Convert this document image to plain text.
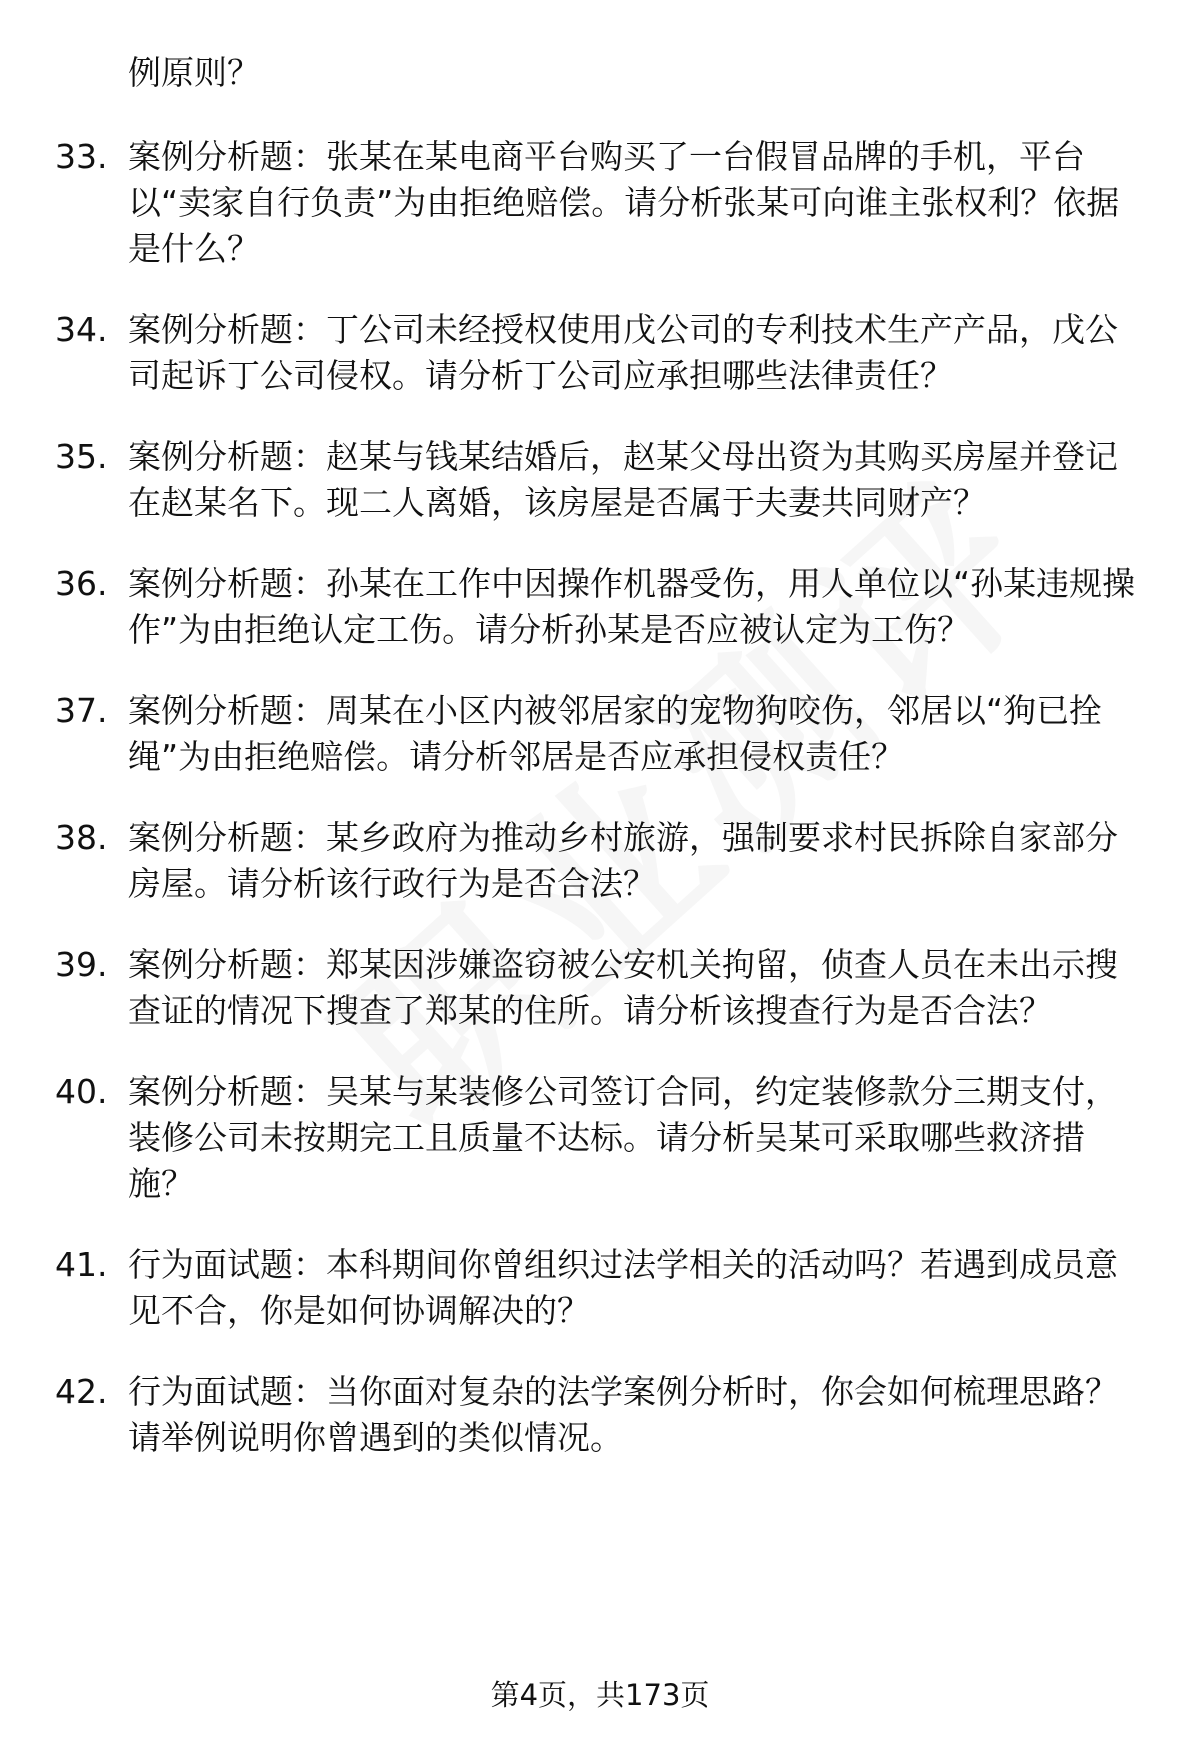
例原则？
33. 案例分析题：张某在某电商平台购买了一台假冒品牌的手机，平台以“卖家自行负责”为由拒绝赔偿。请分析张某可向谁主张权利？依据是什么？
34. 案例分析题：丁公司未经授权使用戊公司的专利技术生产产品，戊公司起诉丁公司侵权。请分析丁公司应承担哪些法律责任？
35. 案例分析题：赵某与钱某结婚后，赵某父母出资为其购买房屋并登记在赵某名下。现二人离婚，该房屋是否属于夫妻共同财产？
36. 案例分析题：孙某在工作中因操作机器受伤，用人单位以“孙某违规操作”为由拒绝认定工伤。请分析孙某是否应被认定为工伤？
37. 案例分析题：周某在小区内被邻居家的宠物狗咬伤，邻居以“狗已拴绳”为由拒绝赔偿。请分析邻居是否应承担侵权责任？
38. 案例分析题：某乡政府为推动乡村旅游，强制要求村民拆除自家部分房屋。请分析该行政行为是否合法？
39. 案例分析题：郑某因涉嫌盗窃被公安机关拘留，侦查人员在未出示搜查证的情况下搜查了郑某的住所。请分析该搜查行为是否合法？
40. 案例分析题：吴某与某装修公司签订合同，约定装修款分三期支付，装修公司未按期完工且质量不达标。请分析吴某可采取哪些救济措施？
41. 行为面试题：本科期间你曾组织过法学相关的活动吗？若遇到成员意见不合，你是如何协调解决的？
42. 行为面试题：当你面对复杂的法学案例分析时，你会如何梳理思路？请举例说明你曾遇到的类似情况。
第4页，共173页
